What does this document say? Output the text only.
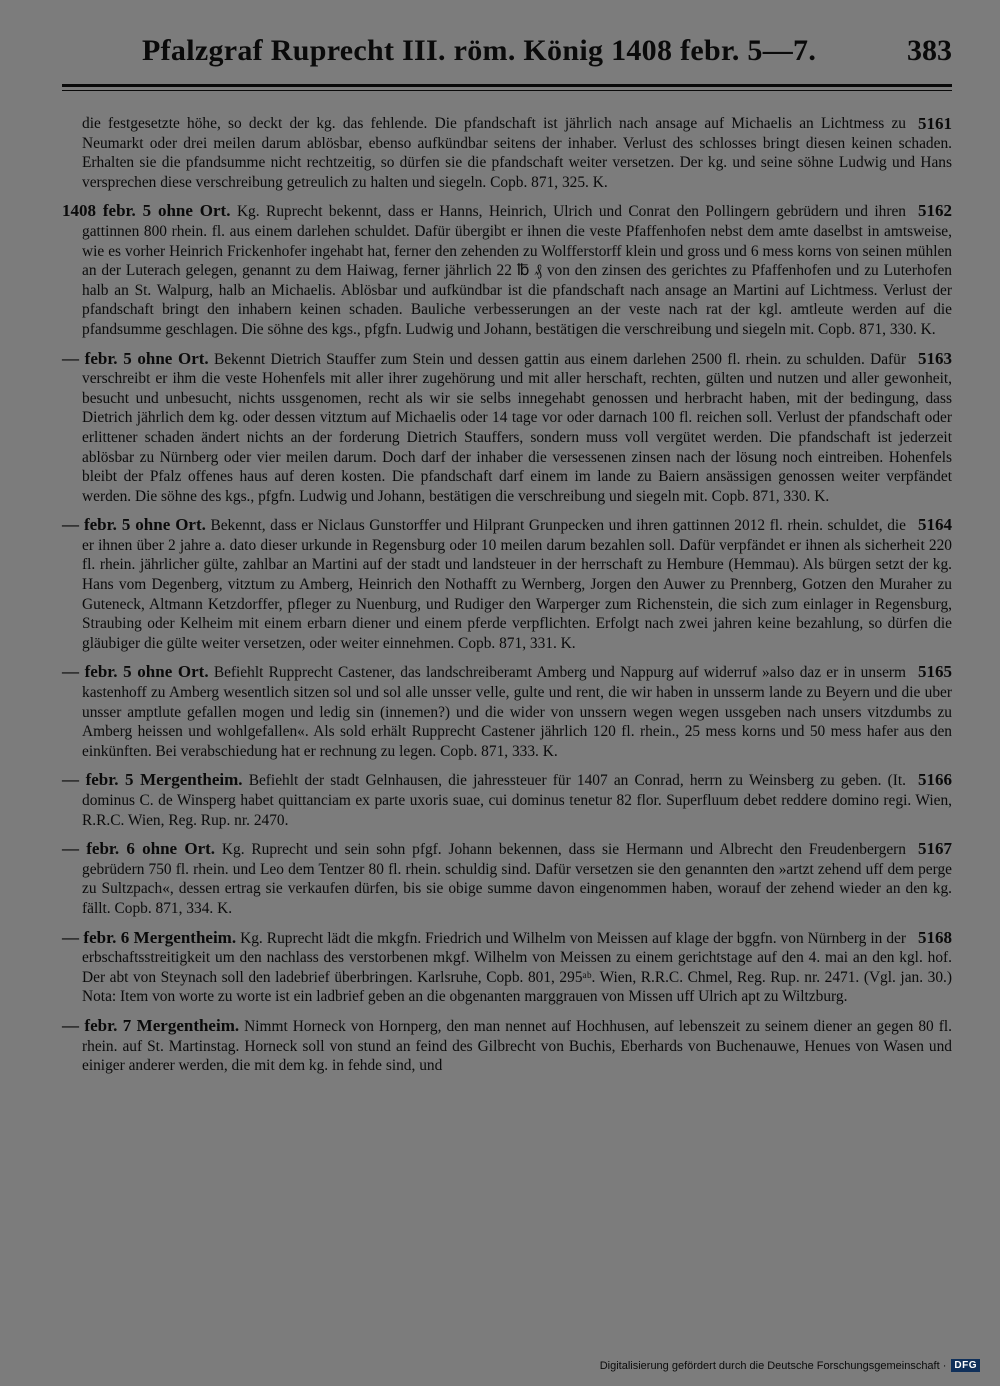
Pfalzgraf Ruprecht III. röm. König 1408 febr. 5—7.	383

5161
die festgesetzte höhe, so deckt der kg. das fehlende. Die pfandschaft ist jährlich nach ansage auf Michaelis an Lichtmess zu Neumarkt oder drei meilen darum ablösbar, ebenso aufkündbar seitens der inhaber. Verlust des schlosses bringt diesen keinen schaden. Erhalten sie die pfandsumme nicht rechtzeitig, so dürfen sie die pfandschaft weiter versetzen. Der kg. und seine söhne Ludwig und Hans versprechen diese verschreibung getreulich zu halten und siegeln. Copb. 871, 325. K.

5162
1408 febr. 5 ohne Ort. Kg. Ruprecht bekennt, dass er Hanns, Heinrich, Ulrich und Conrat den Pollingern gebrüdern und ihren gattinnen 800 rhein. fl. aus einem darlehen schuldet. Dafür übergibt er ihnen die veste Pfaffenhofen nebst dem amte daselbst in amtsweise, wie es vorher Heinrich Frickenhofer ingehabt hat, ferner den zehenden zu Wolfferstorff klein und gross und 6 mess korns von seinen mühlen an der Luterach gelegen, genannt zu dem Haiwag, ferner jährlich 22 ℔ ₰ von den zinsen des gerichtes zu Pfaffenhofen und zu Luterhofen halb an St. Walpurg, halb an Michaelis. Ablösbar und aufkündbar ist die pfandschaft nach ansage an Martini auf Lichtmess. Verlust der pfandschaft bringt den inhabern keinen schaden. Bauliche verbesserungen an der veste nach rat der kgl. amtleute werden auf die pfandsumme geschlagen. Die söhne des kgs., pfgfn. Ludwig und Johann, bestätigen die verschreibung und siegeln mit. Copb. 871, 330. K.

5163
— febr. 5 ohne Ort. Bekennt Dietrich Stauffer zum Stein und dessen gattin aus einem darlehen 2500 fl. rhein. zu schulden. Dafür verschreibt er ihm die veste Hohenfels mit aller ihrer zugehörung und mit aller herschaft, rechten, gülten und nutzen und aller gewonheit, besucht und unbesucht, nichts ussgenomen, recht als wir sie selbs innegehabt genossen und herbracht haben, mit der bedingung, dass Dietrich jährlich dem kg. oder dessen vitztum auf Michaelis oder 14 tage vor oder darnach 100 fl. reichen soll. Verlust der pfandschaft oder erlittener schaden ändert nichts an der forderung Dietrich Stauffers, sondern muss voll vergütet werden. Die pfandschaft ist jederzeit ablösbar zu Nürnberg oder vier meilen darum. Doch darf der inhaber die versessenen zinsen nach der lösung noch eintreiben. Hohenfels bleibt der Pfalz offenes haus auf deren kosten. Die pfandschaft darf einem im lande zu Baiern ansässigen genossen weiter verpfändet werden. Die söhne des kgs., pfgfn. Ludwig und Johann, bestätigen die verschreibung und siegeln mit. Copb. 871, 330. K.

5164
— febr. 5 ohne Ort. Bekennt, dass er Niclaus Gunstorffer und Hilprant Grunpecken und ihren gattinnen 2012 fl. rhein. schuldet, die er ihnen über 2 jahre a. dato dieser urkunde in Regensburg oder 10 meilen darum bezahlen soll. Dafür verpfändet er ihnen als sicherheit 220 fl. rhein. jährlicher gülte, zahlbar an Martini auf der stadt und landsteuer in der herrschaft zu Hembure (Hemmau). Als bürgen setzt der kg. Hans vom Degenberg, vitztum zu Amberg, Heinrich den Nothafft zu Wernberg, Jorgen den Auwer zu Prennberg, Gotzen den Muraher zu Guteneck, Altmann Ketzdorffer, pfleger zu Nuenburg, und Rudiger den Warperger zum Richenstein, die sich zum einlager in Regensburg, Straubing oder Kelheim mit einem erbarn diener und einem pferde verpflichten. Erfolgt nach zwei jahren keine bezahlung, so dürfen die gläubiger die gülte weiter versetzen, oder weiter einnehmen. Copb. 871, 331. K.

5165
— febr. 5 ohne Ort. Befiehlt Rupprecht Castener, das landschreiberamt Amberg und Nappurg auf widerruf »also daz er in unserm kastenhoff zu Amberg wesentlich sitzen sol und sol alle unsser velle, gulte und rent, die wir haben in unsserm lande zu Beyern und die uber unsser amptlute gefallen mogen und ledig sin (innemen?) und die wider von unssern wegen wegen ussgeben nach unsers vitzdumbs zu Amberg heissen und wohlgefallen«. Als sold erhält Rupprecht Castener jährlich 120 fl. rhein., 25 mess korns und 50 mess hafer aus den einkünften. Bei verabschiedung hat er rechnung zu legen. Copb. 871, 333. K.

5166
— febr. 5 Mergentheim. Befiehlt der stadt Gelnhausen, die jahressteuer für 1407 an Conrad, herrn zu Weinsberg zu geben. (It. dominus C. de Winsperg habet quittanciam ex parte uxoris suae, cui dominus tenetur 82 flor. Superfluum debet reddere domino regi. Wien, R.R.C. Wien, Reg. Rup. nr. 2470.

5167
— febr. 6 ohne Ort. Kg. Ruprecht und sein sohn pfgf. Johann bekennen, dass sie Hermann und Albrecht den Freudenbergern gebrüdern 750 fl. rhein. und Leo dem Tentzer 80 fl. rhein. schuldig sind. Dafür versetzen sie den genannten den »artzt zehend uff dem perge zu Sultzpach«, dessen ertrag sie verkaufen dürfen, bis sie obige summe davon eingenommen haben, worauf der zehend wieder an den kg. fällt. Copb. 871, 334. K.

5168
— febr. 6 Mergentheim. Kg. Ruprecht lädt die mkgfn. Friedrich und Wilhelm von Meissen auf klage der bggfn. von Nürnberg in der erbschaftsstreitigkeit um den nachlass des verstorbenen mkgf. Wilhelm von Meissen zu einem gerichtstage auf den 4. mai an den kgl. hof. Der abt von Steynach soll den ladebrief überbringen. Karlsruhe, Copb. 801, 295ᵃᵇ. Wien, R.R.C. Chmel, Reg. Rup. nr. 2471. (Vgl. jan. 30.) Nota: Item von worte zu worte ist ein ladbrief geben an die obgenanten marggrauen von Missen uff Ulrich apt zu Wiltzburg.

— febr. 7 Mergentheim. Nimmt Horneck von Hornperg, den man nennet auf Hochhusen, auf lebenszeit zu seinem diener an gegen 80 fl. rhein. auf St. Martinstag. Horneck soll von stund an feind des Gilbrecht von Buchis, Eberhards von Buchenauwe, Henues von Wasen und einiger anderer werden, die mit dem kg. in fehde sind, und

Digitalisierung gefördert durch die Deutsche Forschungsgemeinschaft · DFG
